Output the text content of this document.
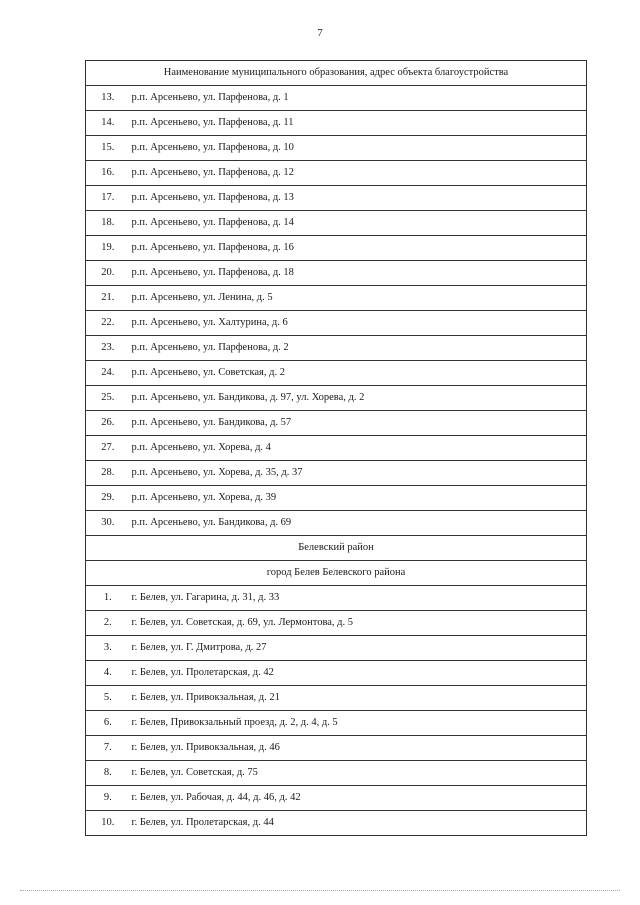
7
Наименование муниципального образования, адрес объекта благоустройства	
13.	р.п. Арсеньево, ул. Парфенова, д. 1
14.	р.п. Арсеньево, ул. Парфенова, д. 11
15.	р.п. Арсеньево, ул. Парфенова, д. 10
16.	р.п. Арсеньево, ул. Парфенова, д. 12
17.	р.п. Арсеньево, ул. Парфенова, д. 13
18.	р.п. Арсеньево, ул. Парфенова, д. 14
19.	р.п. Арсеньево, ул. Парфенова, д. 16
20.	р.п. Арсеньево, ул. Парфенова, д. 18
21.	р.п. Арсеньево, ул. Ленина, д. 5
22.	р.п. Арсеньево, ул. Халтурина, д. 6
23.	р.п. Арсеньево, ул. Парфенова, д. 2
24.	р.п. Арсеньево, ул. Советская, д. 2
25.	р.п. Арсеньево, ул. Бандикова, д. 97, ул. Хорева, д. 2
26.	р.п. Арсеньево, ул. Бандикова, д. 57
27.	р.п. Арсеньево, ул. Хорева, д. 4
28.	р.п. Арсеньево, ул. Хорева, д. 35, д. 37
29.	р.п. Арсеньево, ул. Хорева, д. 39
30.	р.п. Арсеньево, ул. Бандикова, д. 69
Белевский район	
город Белев Белевского района	
1.	г. Белев, ул. Гагарина, д. 31, д. 33
2.	г. Белев, ул. Советская, д. 69, ул. Лермонтова, д. 5
3.	г. Белев, ул. Г. Дмитрова, д. 27
4.	г. Белев, ул. Пролетарская, д. 42
5.	г. Белев, ул. Привокзальная, д. 21
6.	г. Белев, Привокзальный проезд, д. 2, д. 4, д. 5
7.	г. Белев, ул. Привокзальная, д. 46
8.	г. Белев, ул. Советская, д. 75
9.	г. Белев, ул. Рабочая, д. 44, д. 46, д. 42
10.	г. Белев, ул. Пролетарская, д. 44
